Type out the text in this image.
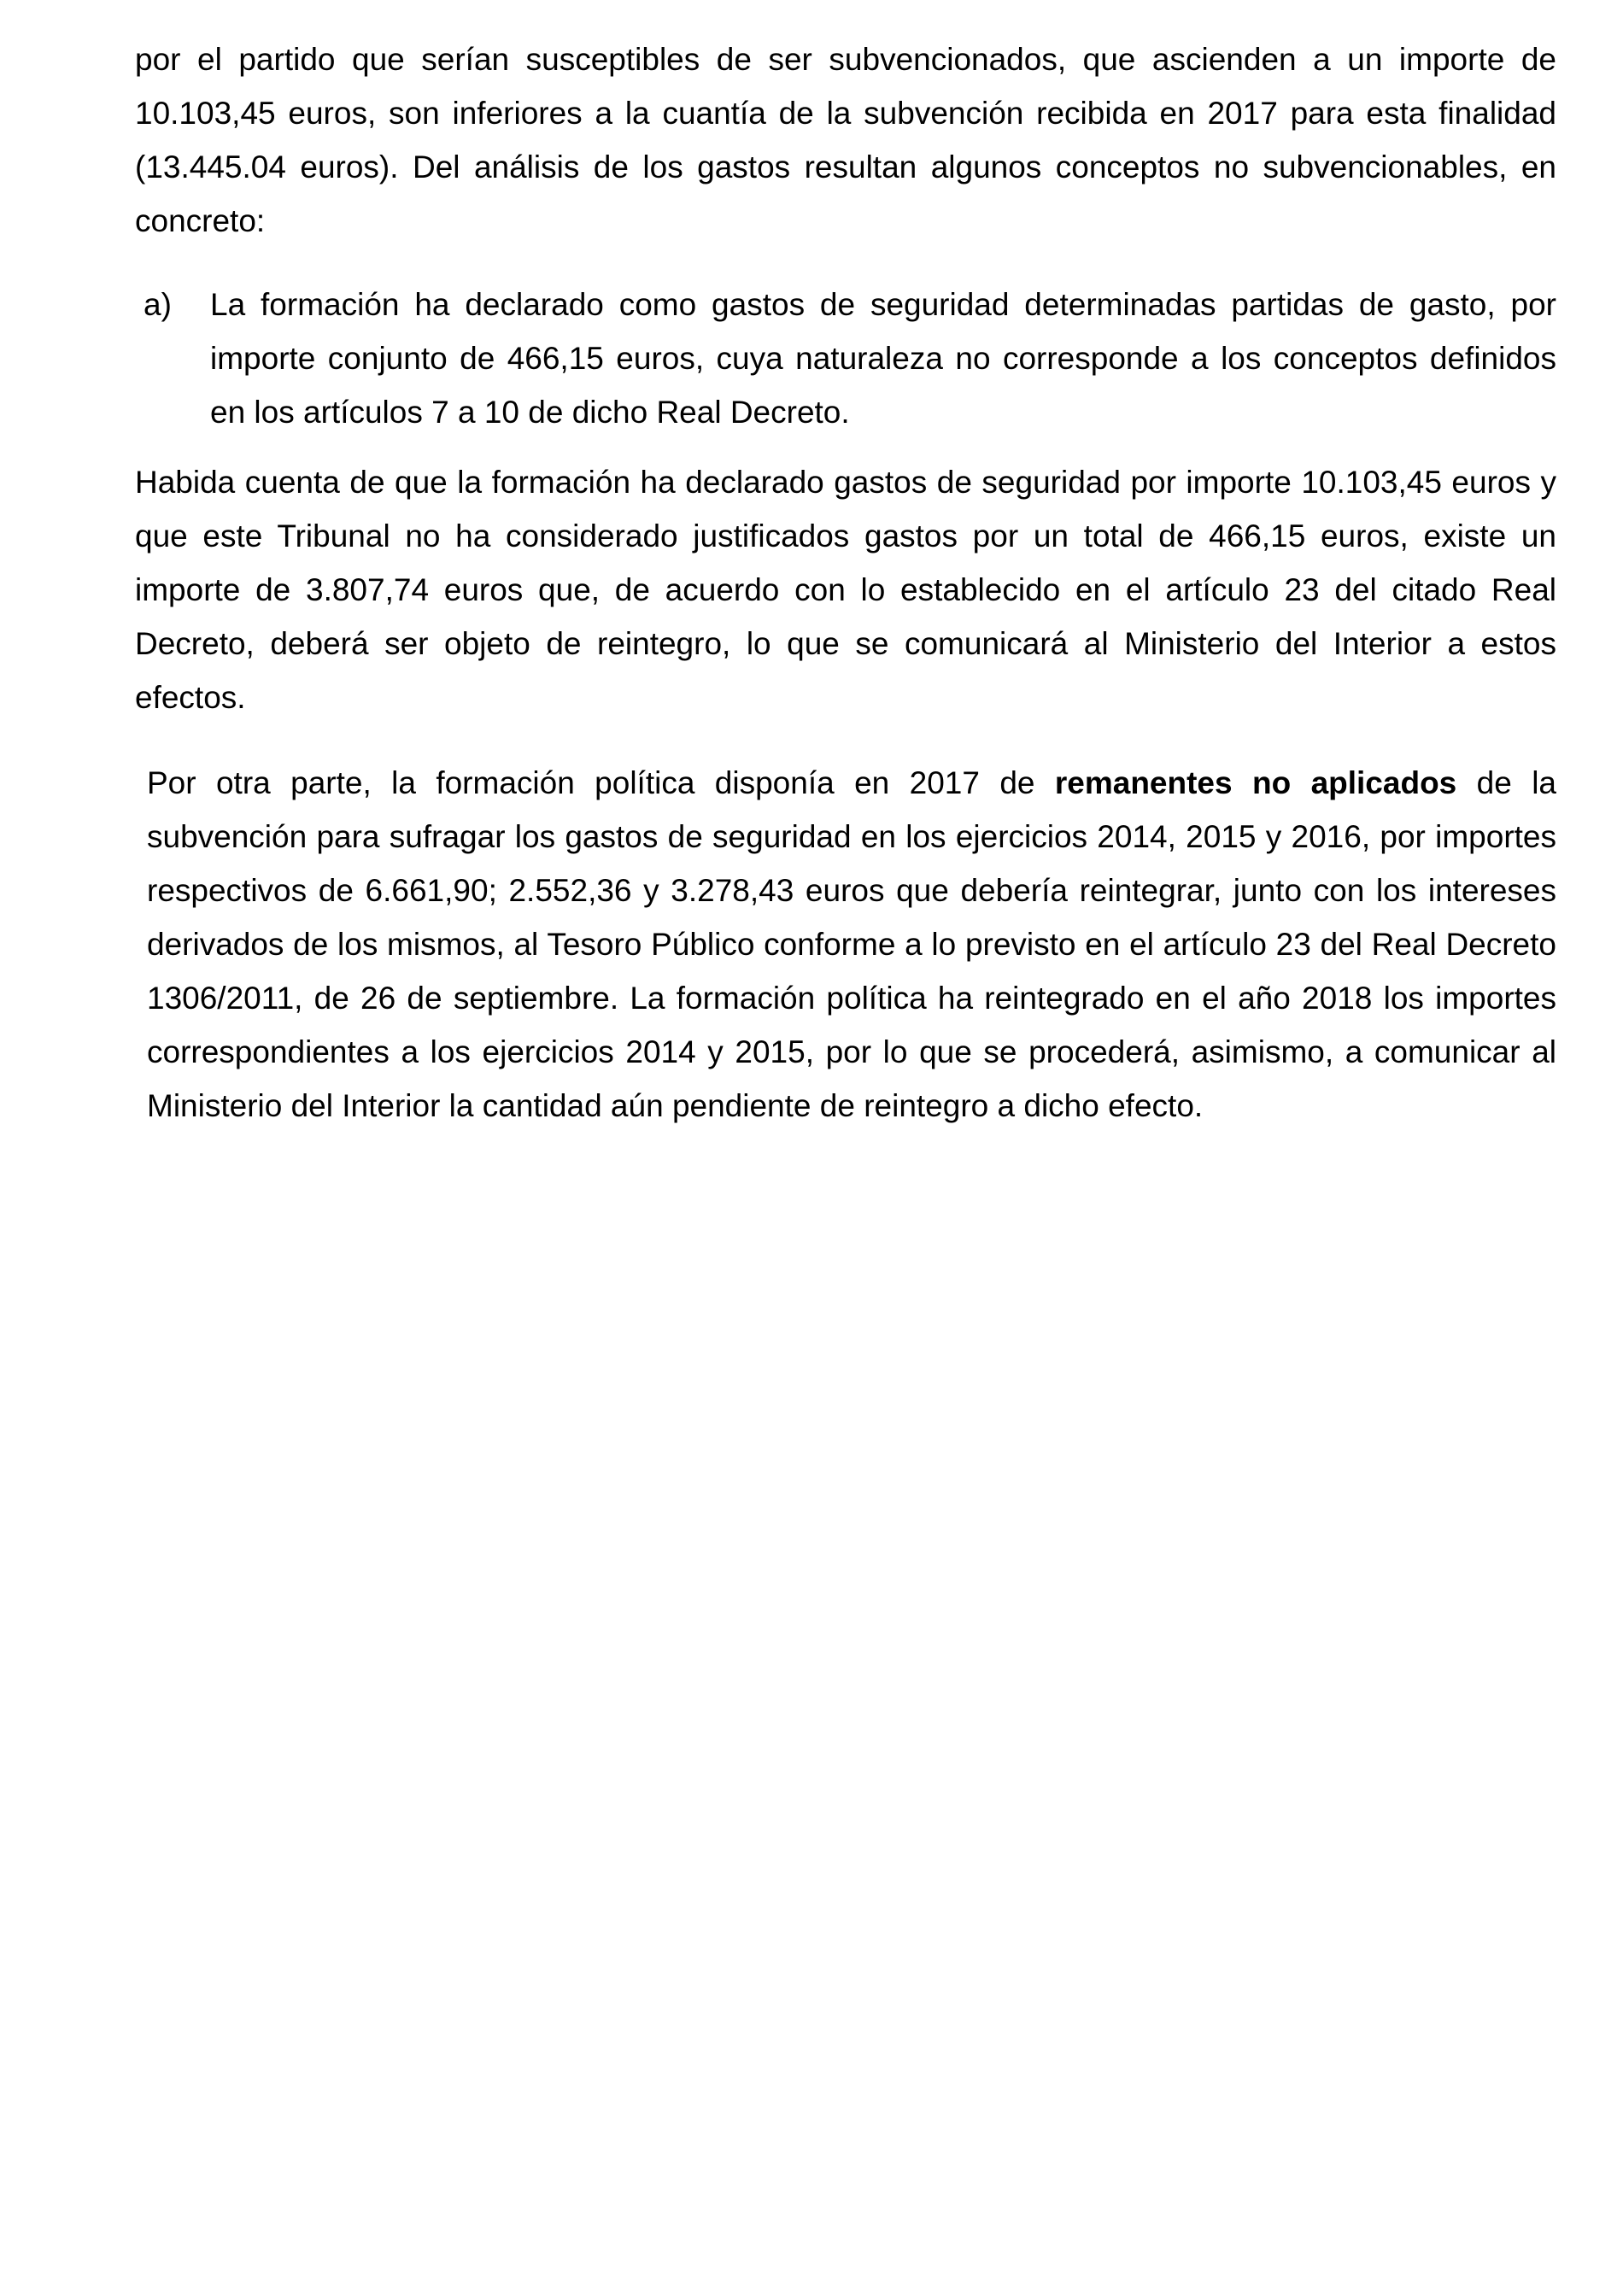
por el partido que serían susceptibles de ser subvencionados, que ascienden a un importe de 10.103,45 euros, son inferiores a la cuantía de la subvención recibida en 2017 para esta finalidad (13.445.04 euros). Del análisis de los gastos resultan algunos conceptos no subvencionables, en concreto:

a) La formación ha declarado como gastos de seguridad determinadas partidas de gasto, por importe conjunto de 466,15 euros, cuya naturaleza no corresponde a los conceptos definidos en los artículos 7 a 10 de dicho Real Decreto.

Habida cuenta de que la formación ha declarado gastos de seguridad por importe 10.103,45 euros y que este Tribunal no ha considerado justificados gastos por un total de 466,15 euros, existe un importe de 3.807,74 euros que, de acuerdo con lo establecido en el artículo 23 del citado Real Decreto, deberá ser objeto de reintegro, lo que se comunicará al Ministerio del Interior a estos efectos.

Por otra parte, la formación política disponía en 2017 de remanentes no aplicados de la subvención para sufragar los gastos de seguridad en los ejercicios 2014, 2015 y 2016, por importes respectivos de 6.661,90; 2.552,36 y 3.278,43 euros que debería reintegrar, junto con los intereses derivados de los mismos, al Tesoro Público conforme a lo previsto en el artículo 23 del Real Decreto 1306/2011, de 26 de septiembre. La formación política ha reintegrado en el año 2018 los importes correspondientes a los ejercicios 2014 y 2015, por lo que se procederá, asimismo, a comunicar al Ministerio del Interior la cantidad aún pendiente de reintegro a dicho efecto.
